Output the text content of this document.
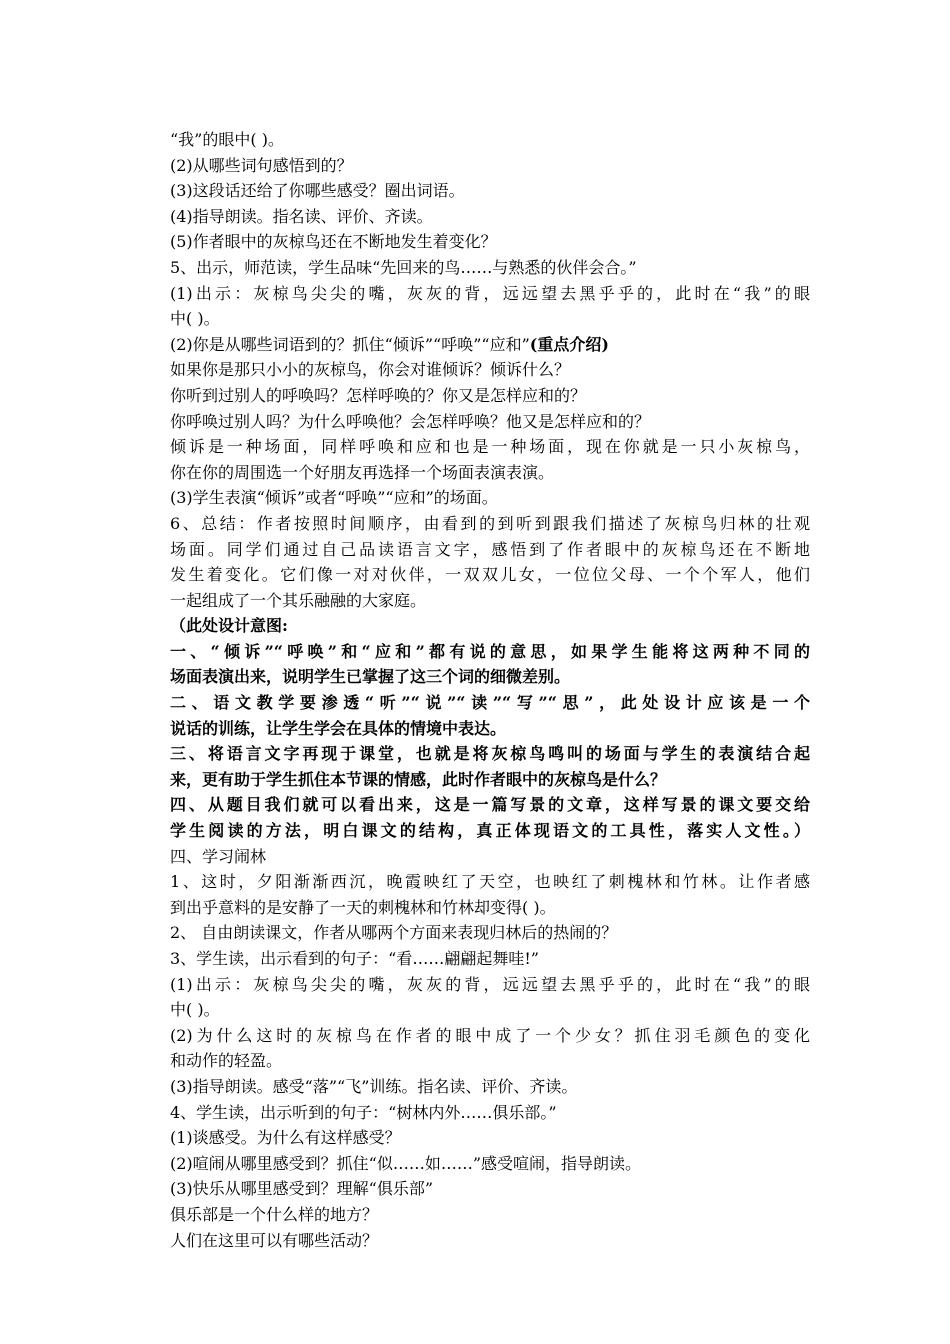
“我”的眼中( )。
(2)从哪些词句感悟到的？
(3)这段话还给了你哪些感受？圈出词语。
(4)指导朗读。指名读、评价、齐读。
(5)作者眼中的灰椋鸟还在不断地发生着变化？
5、出示，师范读，学生品味“先回来的鸟……与熟悉的伙伴会合。”
(1)出示：灰椋鸟尖尖的嘴，灰灰的背，远远望去黑乎乎的，此时在“我”的眼
中( )。
(2)你是从哪些词语到的？抓住“倾诉”“呼唤”“应和”(重点介绍)
如果你是那只小小的灰椋鸟，你会对谁倾诉？倾诉什么？
你听到过别人的呼唤吗？怎样呼唤的？你又是怎样应和的？
你呼唤过别人吗？为什么呼唤他？会怎样呼唤？他又是怎样应和的？
倾诉是一种场面，同样呼唤和应和也是一种场面，现在你就是一只小灰椋鸟，
你在你的周围选一个好朋友再选择一个场面表演表演。
(3)学生表演“倾诉”或者“呼唤”“应和”的场面。
6、总结：作者按照时间顺序，由看到的到听到跟我们描述了灰椋鸟归林的壮观
场面。同学们通过自己品读语言文字，感悟到了作者眼中的灰椋鸟还在不断地
发生着变化。它们像一对对伙伴，一双双儿女，一位位父母、一个个军人，他们
一起组成了一个其乐融融的大家庭。
（此处设计意图:
一、“倾诉”“呼唤”和“应和”都有说的意思，如果学生能将这两种不同的
场面表演出来，说明学生已掌握了这三个词的细微差别。
二、语文教学要渗透“听”“说”“读”“写”“思”，此处设计应该是一个
说话的训练，让学生学会在具体的情境中表达。
三、将语言文字再现于课堂，也就是将灰椋鸟鸣叫的场面与学生的表演结合起
来，更有助于学生抓住本节课的情感，此时作者眼中的灰椋鸟是什么？
四、从题目我们就可以看出来，这是一篇写景的文章，这样写景的课文要交给
学生阅读的方法，明白课文的结构，真正体现语文的工具性，落实人文性。）
四、学习闹林
1、这时，夕阳渐渐西沉，晚霞映红了天空，也映红了刺槐林和竹林。让作者感
到出乎意料的是安静了一天的刺槐林和竹林却变得( )。
2、 自由朗读课文，作者从哪两个方面来表现归林后的热闹的？
3、学生读，出示看到的句子：“看……翩翩起舞哇!”
(1)出示：灰椋鸟尖尖的嘴，灰灰的背，远远望去黑乎乎的，此时在“我”的眼
中( )。
(2)为什么这时的灰椋鸟在作者的眼中成了一个少女？抓住羽毛颜色的变化
和动作的轻盈。
(3)指导朗读。感受“落”“飞”训练。指名读、评价、齐读。
4、学生读，出示听到的句子：“树林内外……俱乐部。”
(1)谈感受。为什么有这样感受？
(2)喧闹从哪里感受到？抓住“似……如……”感受喧闹，指导朗读。
(3)快乐从哪里感受到？理解“俱乐部”
俱乐部是一个什么样的地方？
人们在这里可以有哪些活动？
